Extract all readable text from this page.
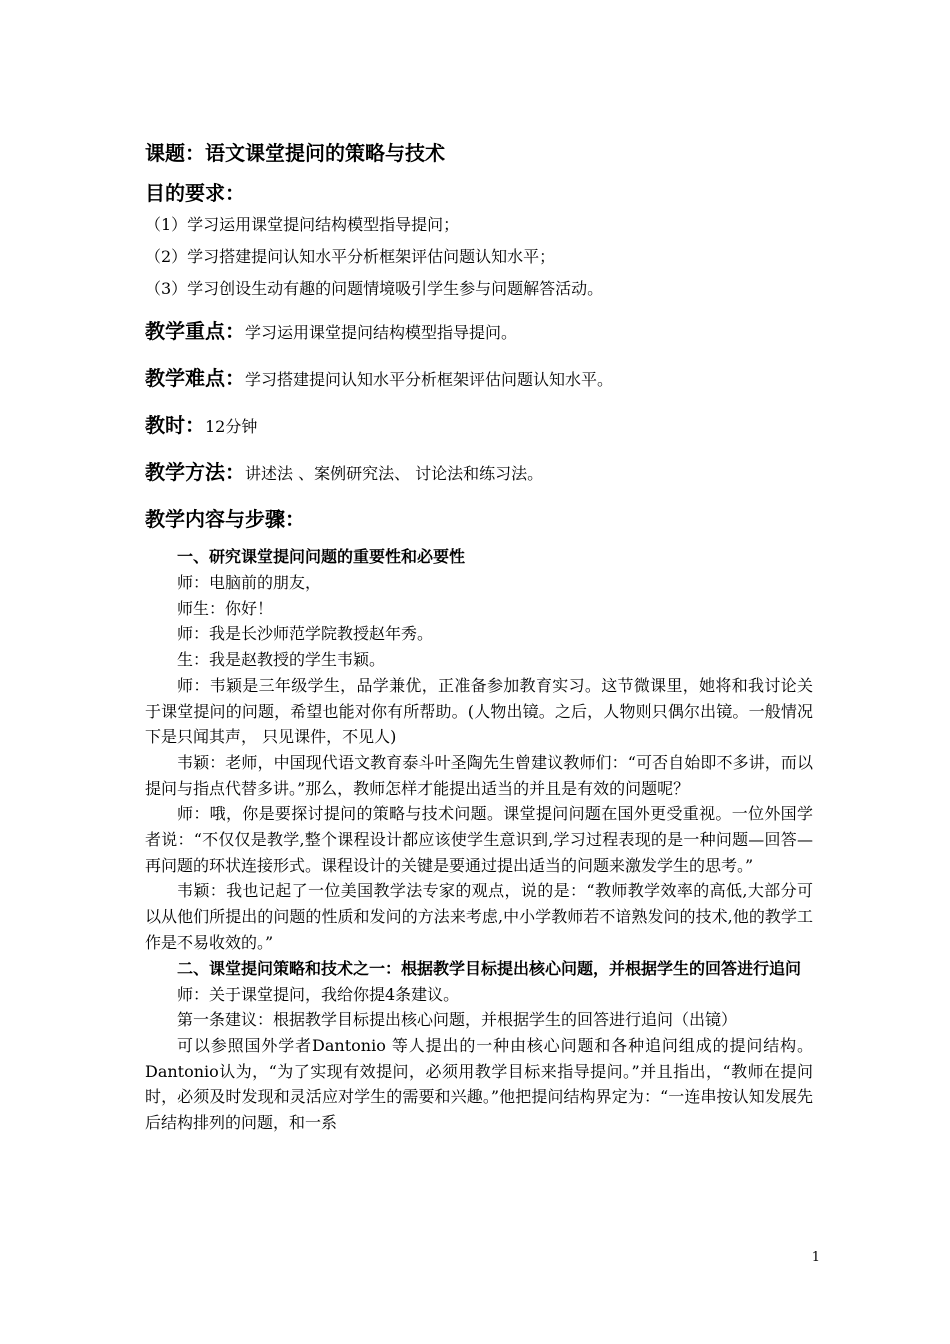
课题：语文课堂提问的策略与技术
目的要求：
（1）学习运用课堂提问结构模型指导提问；
（2）学习搭建提问认知水平分析框架评估问题认知水平；
（3）学习创设生动有趣的问题情境吸引学生参与问题解答活动。
教学重点：学习运用课堂提问结构模型指导提问。
教学难点：学习搭建提问认知水平分析框架评估问题认知水平。
教时：12分钟
教学方法：讲述法 、案例研究法、 讨论法和练习法。
教学内容与步骤：

一、研究课堂提问问题的重要性和必要性

师：电脑前的朋友，

师生：你好！

师：我是长沙师范学院教授赵年秀。

生：我是赵教授的学生韦颖。

师：韦颖是三年级学生，品学兼优，正准备参加教育实习。这节微课里，她将和我讨论关于课堂提问的问题，希望也能对你有所帮助。(人物出镜。之后，人物则只偶尔出镜。一般情况下是只闻其声， 只见课件，不见人)

韦颖：老师，中国现代语文教育泰斗叶圣陶先生曾建议教师们：“可否自始即不多讲，而以提问与指点代替多讲。”那么，教师怎样才能提出适当的并且是有效的问题呢？

师：哦，你是要探讨提问的策略与技术问题。课堂提问问题在国外更受重视。一位外国学者说：“不仅仅是教学,整个课程设计都应该使学生意识到,学习过程表现的是一种问题—回答—再问题的环状连接形式。课程设计的关键是要通过提出适当的问题来激发学生的思考。”

韦颖：我也记起了一位美国教学法专家的观点，说的是：“教师教学效率的高低,大部分可以从他们所提出的问题的性质和发问的方法来考虑,中小学教师若不谙熟发问的技术,他的教学工作是不易收效的。”

二、课堂提问策略和技术之一：根据教学目标提出核心问题，并根据学生的回答进行追问

师：关于课堂提问，我给你提4条建议。

第一条建议：根据教学目标提出核心问题，并根据学生的回答进行追问（出镜）

可以参照国外学者Dantonio 等人提出的一种由核心问题和各种追问组成的提问结构。Dantonio认为，“为了实现有效提问，必须用教学目标来指导提问。”并且指出，“教师在提问时，必须及时发现和灵活应对学生的需要和兴趣。”他把提问结构界定为：“一连串按认知发展先后结构排列的问题，和一系

1
